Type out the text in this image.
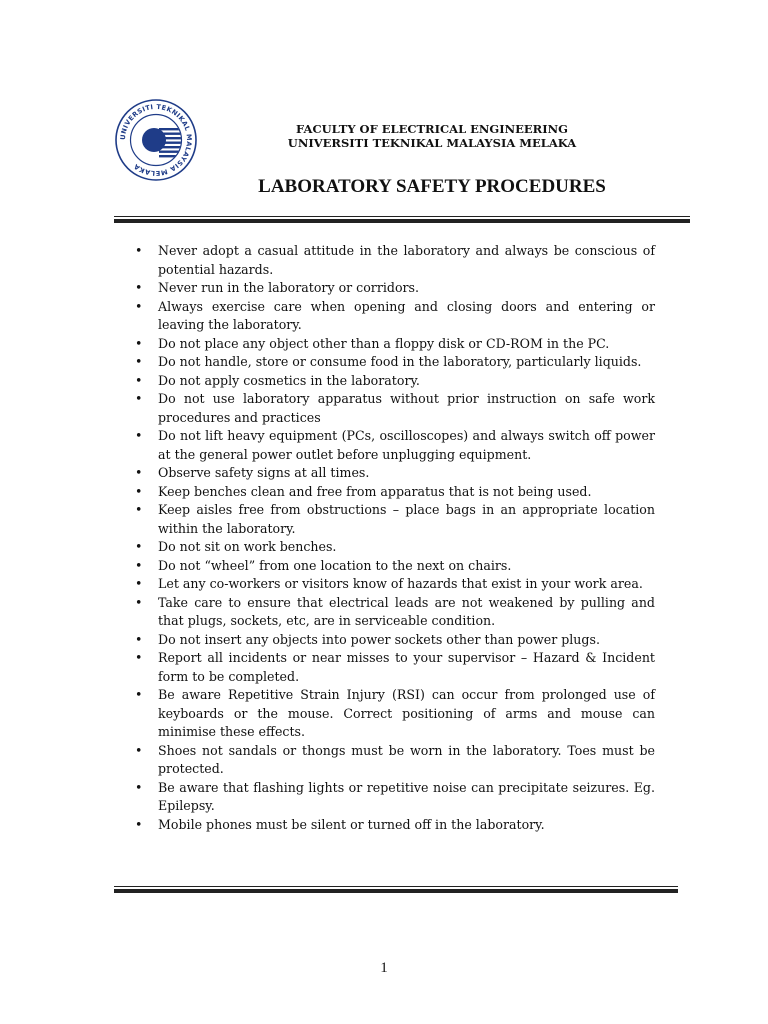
UNIVERSITI TEKNIKAL MALAYSIA MELAKA
FACULTY OF ELECTRICAL ENGINEERING
UNIVERSITI TEKNIKAL MALAYSIA MELAKA
LABORATORY SAFETY PROCEDURES
• Never adopt a casual attitude in the laboratory and always be conscious of potential hazards.
• Never run in the laboratory or corridors.
• Always exercise care when opening and closing doors and entering or leaving the laboratory.
• Do not place any object other than a floppy disk or CD-ROM in the PC.
• Do not handle, store or consume food in the laboratory, particularly liquids.
• Do not apply cosmetics in the laboratory.
• Do not use laboratory apparatus without prior instruction on safe work procedures and practices
• Do not lift heavy equipment (PCs, oscilloscopes) and always switch off power at the general power outlet before unplugging equipment.
• Observe safety signs at all times.
• Keep benches clean and free from apparatus that is not being used.
• Keep aisles free from obstructions – place bags in an appropriate location within the laboratory.
• Do not sit on work benches.
• Do not “wheel” from one location to the next on chairs.
• Let any co-workers or visitors know of hazards that exist in your work area.
• Take care to ensure that electrical leads are not weakened by pulling and that plugs, sockets, etc, are in serviceable condition.
• Do not insert any objects into power sockets other than power plugs.
• Report all incidents or near misses to your supervisor – Hazard & Incident form to be completed.
• Be aware Repetitive Strain Injury (RSI) can occur from prolonged use of keyboards or the mouse. Correct positioning of arms and mouse can minimise these effects.
• Shoes not sandals or thongs must be worn in the laboratory. Toes must be protected.
• Be aware that flashing lights or repetitive noise can precipitate seizures. Eg. Epilepsy.
• Mobile phones must be silent or turned off in the laboratory.
1
